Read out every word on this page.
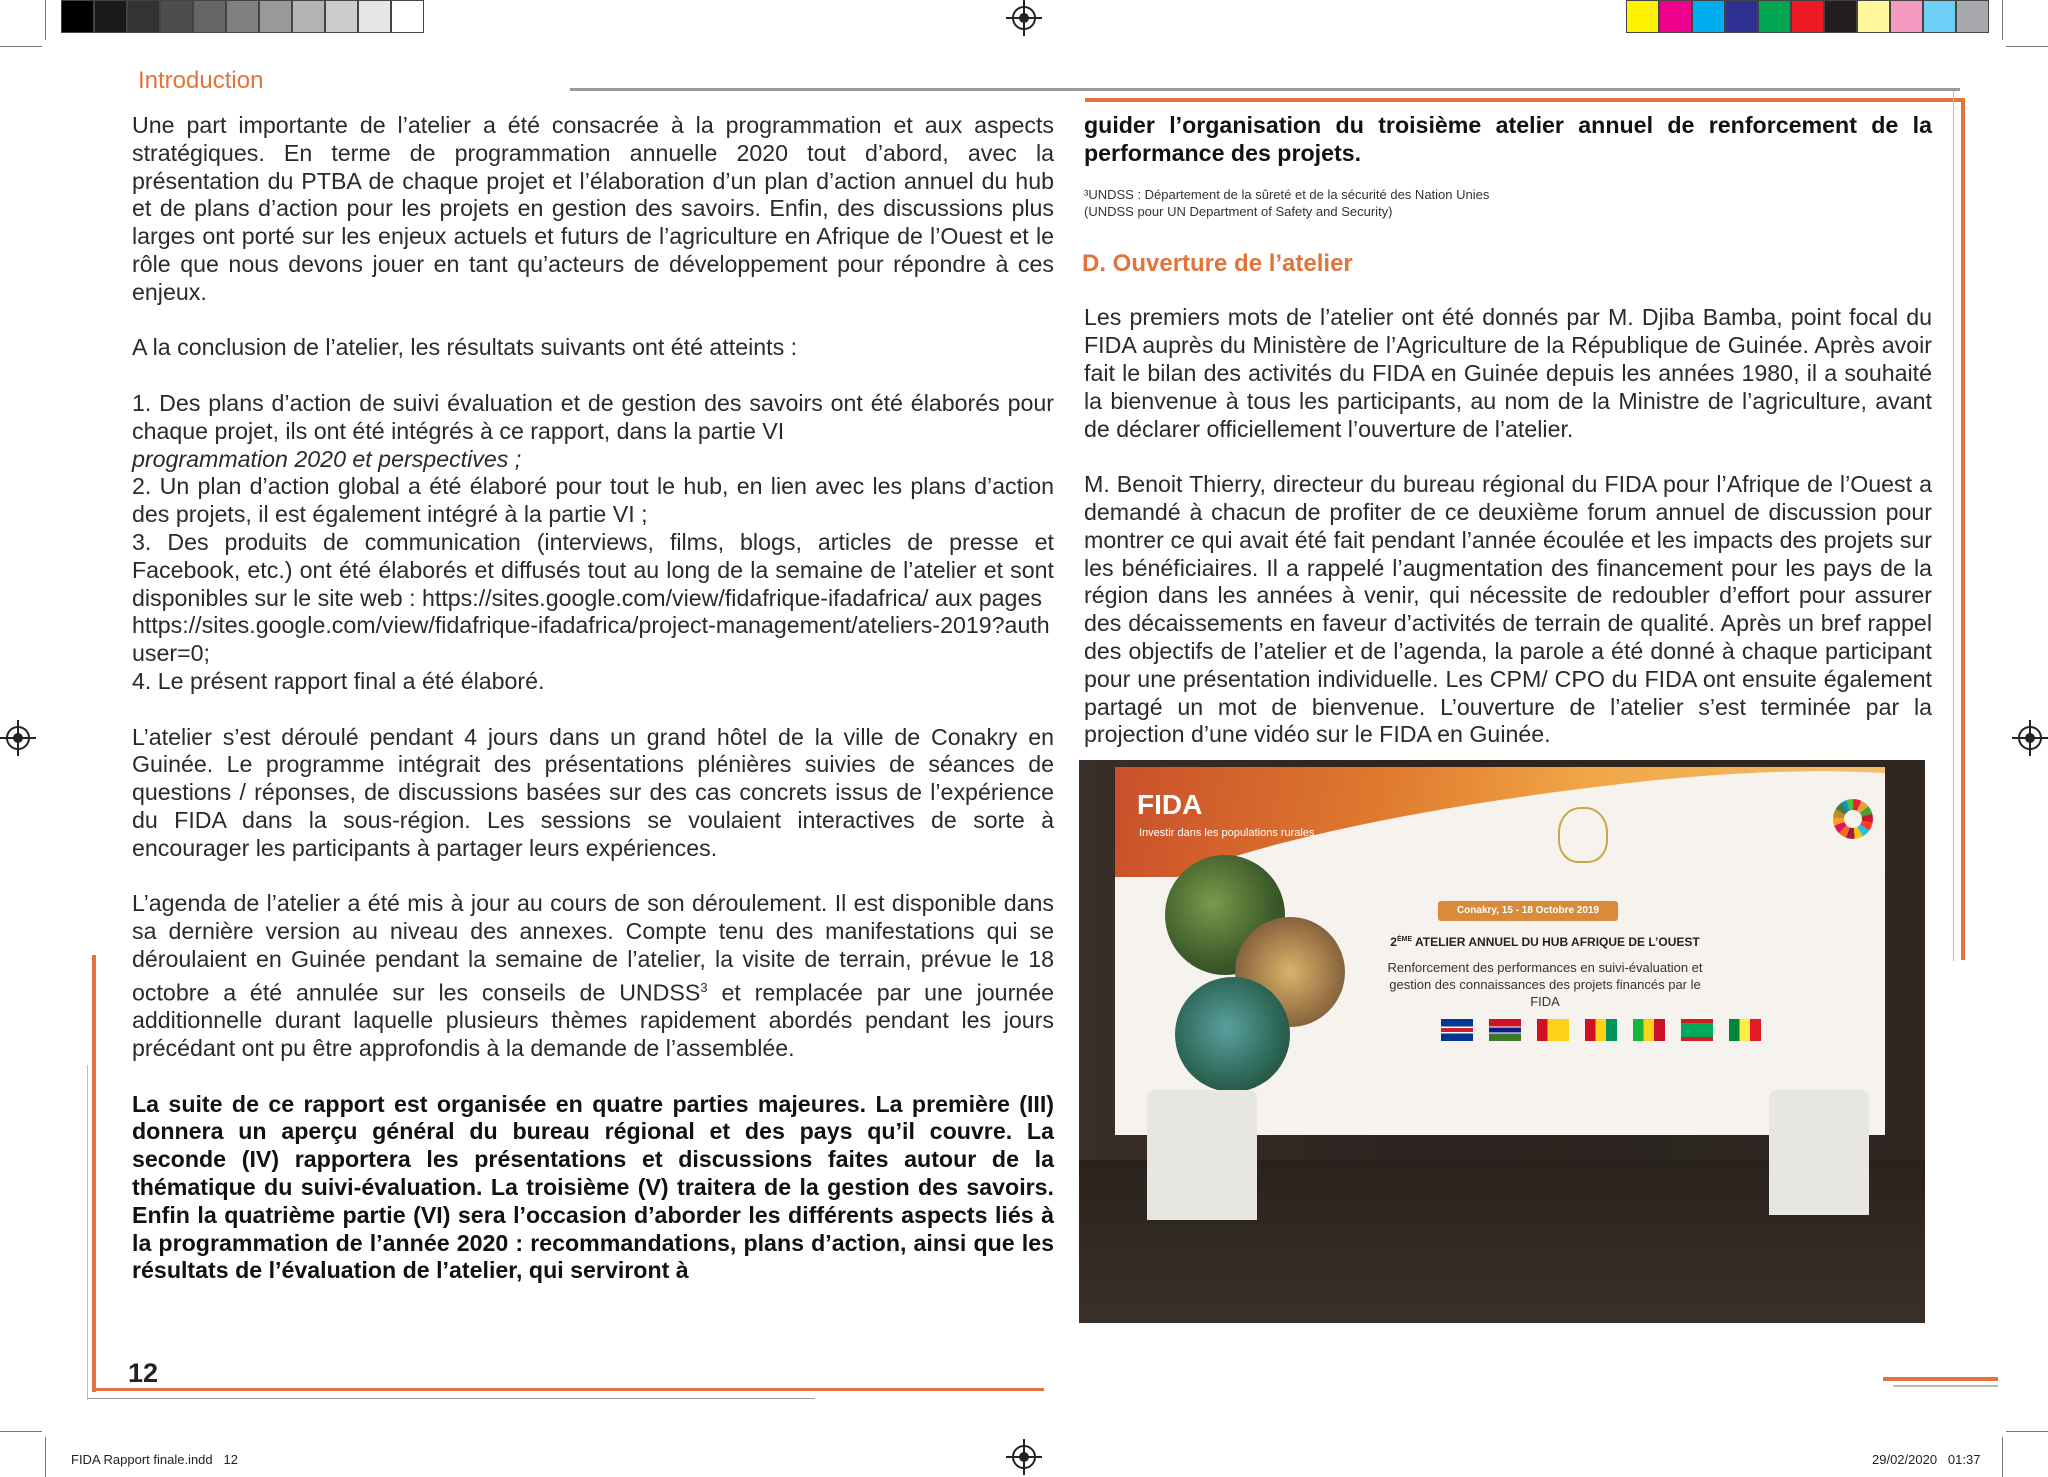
Introduction

Une part importante de l’atelier a été consacrée à la programmation et aux aspects stratégiques. En terme de programmation annuelle 2020 tout d’abord, avec la présentation du PTBA de chaque projet et l’élaboration d’un plan d’action annuel du hub et de plans d’action pour les projets en gestion des savoirs. Enfin, des discussions plus larges ont porté sur les enjeux actuels et futurs de l’agriculture en Afrique de l’Ouest et le rôle que nous devons jouer en tant qu’acteurs de développement pour répondre à ces enjeux.

A la conclusion de l’atelier, les résultats suivants ont été atteints :

1. Des plans d’action de suivi évaluation et de gestion des savoirs ont été élaborés pour chaque projet, ils ont été intégrés à ce rapport, dans la partie VI
programmation 2020 et perspectives ;
2. Un plan d’action global a été élaboré pour tout le hub, en lien avec les plans d’action des projets, il est également intégré à la partie VI ;
3. Des produits de communication (interviews, films, blogs, articles de presse et Facebook, etc.) ont été élaborés et diffusés tout au long de la semaine de l’atelier et sont disponibles sur le site web : https://sites.google.com/view/fidafrique-ifadafrica/ aux pages
https://sites.google.com/view/fidafrique-ifadafrica/project-management/ateliers-2019?authuser=0;
4. Le présent rapport final a été élaboré.

L’atelier s’est déroulé pendant 4 jours dans un grand hôtel de la ville de Conakry en Guinée. Le programme intégrait des présentations plénières suivies de séances de questions / réponses, de discussions basées sur des cas concrets issus de l’expérience du FIDA dans la sous-région. Les sessions se voulaient interactives de sorte à encourager les participants à partager leurs expériences.

L’agenda de l’atelier a été mis à jour au cours de son déroulement. Il est disponible dans sa dernière version au niveau des annexes. Compte tenu des manifestations qui se déroulaient en Guinée pendant la semaine de l’atelier, la visite de terrain, prévue le 18 octobre a été annulée sur les conseils de UNDSS$^3$ et remplacée par une journée additionnelle durant laquelle plusieurs thèmes rapidement abordés pendant les jours précédant ont pu être approfondis à la demande de l’assemblée.

La suite de ce rapport est organisée en quatre parties majeures. La première (III) donnera un aperçu général du bureau régional et des pays qu’il couvre. La seconde (IV) rapportera les présentations et discussions faites autour de la thématique du suivi-évaluation. La troisième (V) traitera de la gestion des savoirs. Enfin la quatrième partie (VI) sera l’occasion d’aborder les différents aspects liés à la programmation de l’année 2020 : recommandations, plans d’action, ainsi que les résultats de l’évaluation de l’atelier, qui serviront à

12

guider l’organisation du troisième atelier annuel de renforcement de la performance des projets.

³UNDSS : Département de la sûreté et de la sécurité des Nation Unies
(UNDSS pour UN Department of Safety and Security)
D. Ouverture de l’atelier

Les premiers mots de l’atelier ont été donnés par M. Djiba Bamba, point focal du FIDA auprès du Ministère de l’Agriculture de la République de Guinée. Après avoir fait le bilan des activités du FIDA en Guinée depuis les années 1980, il a souhaité la bienvenue à tous les participants, au nom de la Ministre de l’agriculture, avant de déclarer officiellement l’ouverture de l’atelier.

M. Benoit Thierry, directeur du bureau régional du FIDA pour l’Afrique de l’Ouest a demandé à chacun de profiter de ce deuxième forum annuel de discussion pour montrer ce qui avait été fait pendant l’année écoulée et les impacts des projets sur les bénéficiaires. Il a rappelé l’augmentation des financement pour les pays de la région dans les années à venir, qui nécessite de redoubler d’effort pour assurer des décaissements en faveur d’activités de terrain de qualité. Après un bref rappel des objectifs de l’atelier et de l’agenda, la parole a été donné à chaque participant pour une présentation individuelle. Les CPM/ CPO du FIDA ont ensuite également partagé un mot de bienvenue. L’ouverture de l’atelier s’est terminée par la projection d’une vidéo sur le FIDA en Guinée.

FIDA
Investir dans les populations rurales
Conakry, 15 - 18 Octobre 2019
2ÈME ATELIER ANNUEL DU HUB AFRIQUE DE L’OUEST
Renforcement des performances en suivi-évaluation et gestion des connaissances des projets financés par le FIDA
FIDA Rapport finale.indd   12	29/02/2020   01:37
